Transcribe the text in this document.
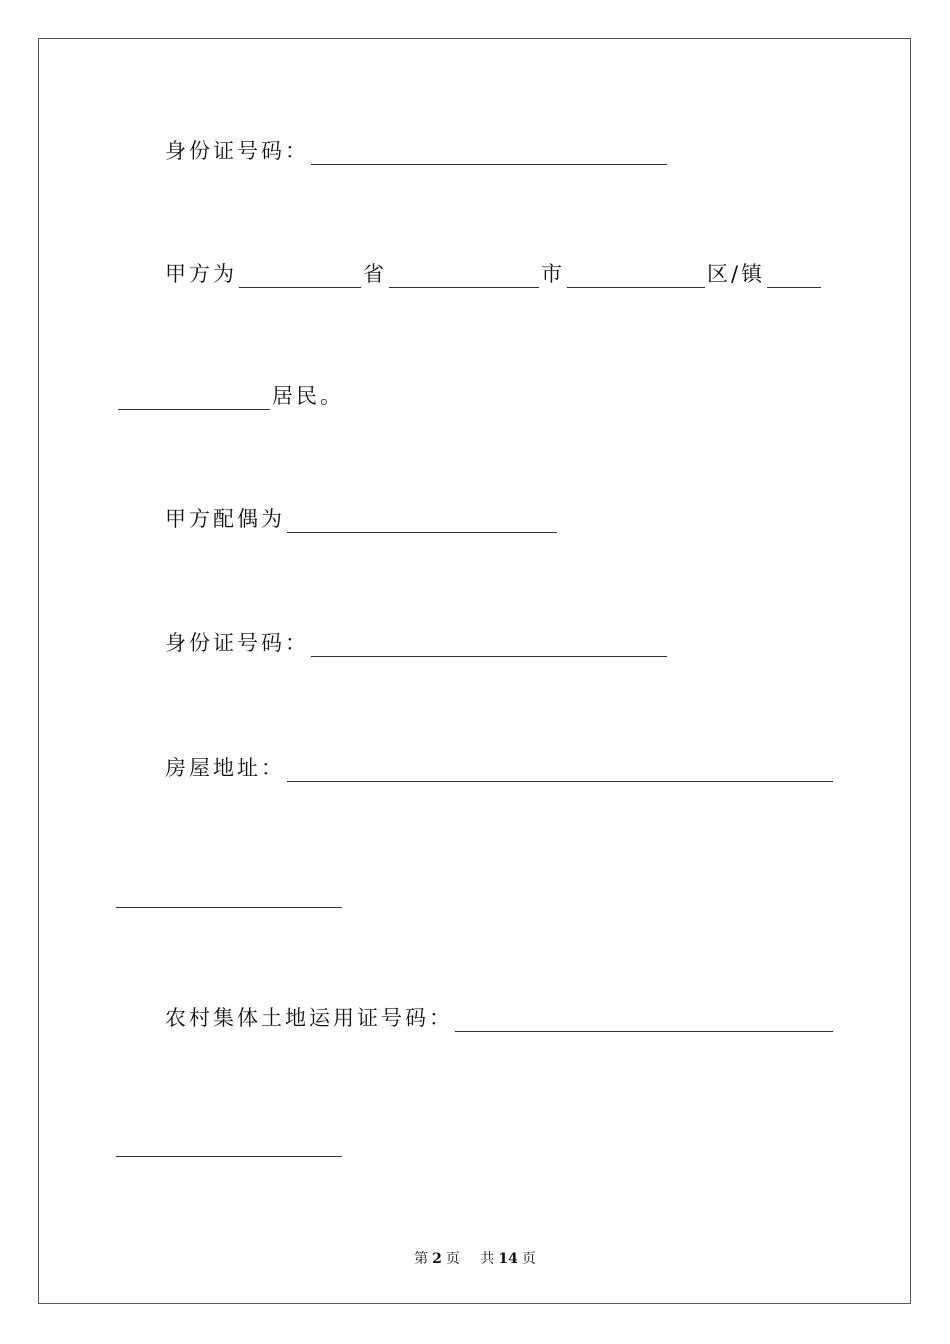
身份证号码：
甲方为	省	市	区/镇
居民。
甲方配偶为
身份证号码：
房屋地址：
农村集体土地运用证号码：
第 2 页 共 14 页
